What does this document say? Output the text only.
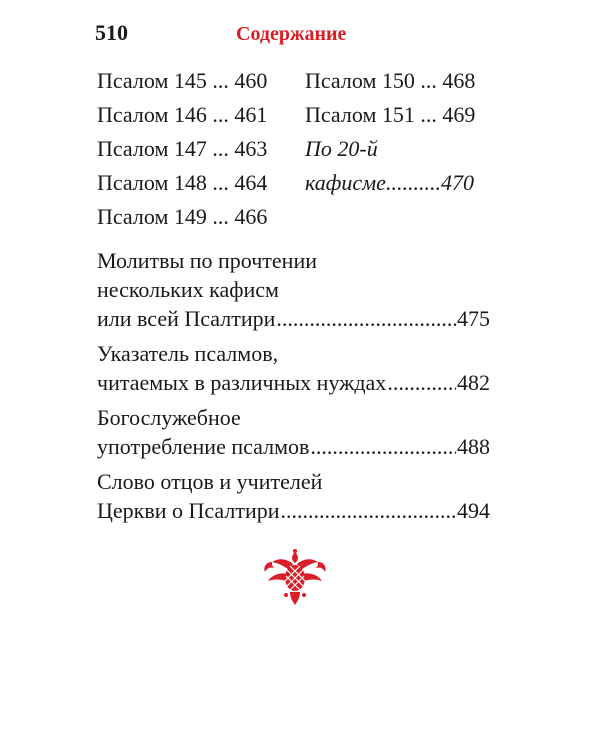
510	Содержание
Псалом 145 ... 460
Псалом 146 ... 461
Псалом 147 ... 463
Псалом 148 ... 464
Псалом 149 ... 466
Псалом 150 ... 468
Псалом 151 ... 469
По 20-й
кафисме..........470
Молитвы по прочтении
нескольких кафисм
или всей Псалтири .....	475
Указатель псалмов,
читаемых в различных нуждах .....	482
Богослужебное
употребление псалмов .....	488
Слово отцов и учителей
Церкви о Псалтири .....	494
